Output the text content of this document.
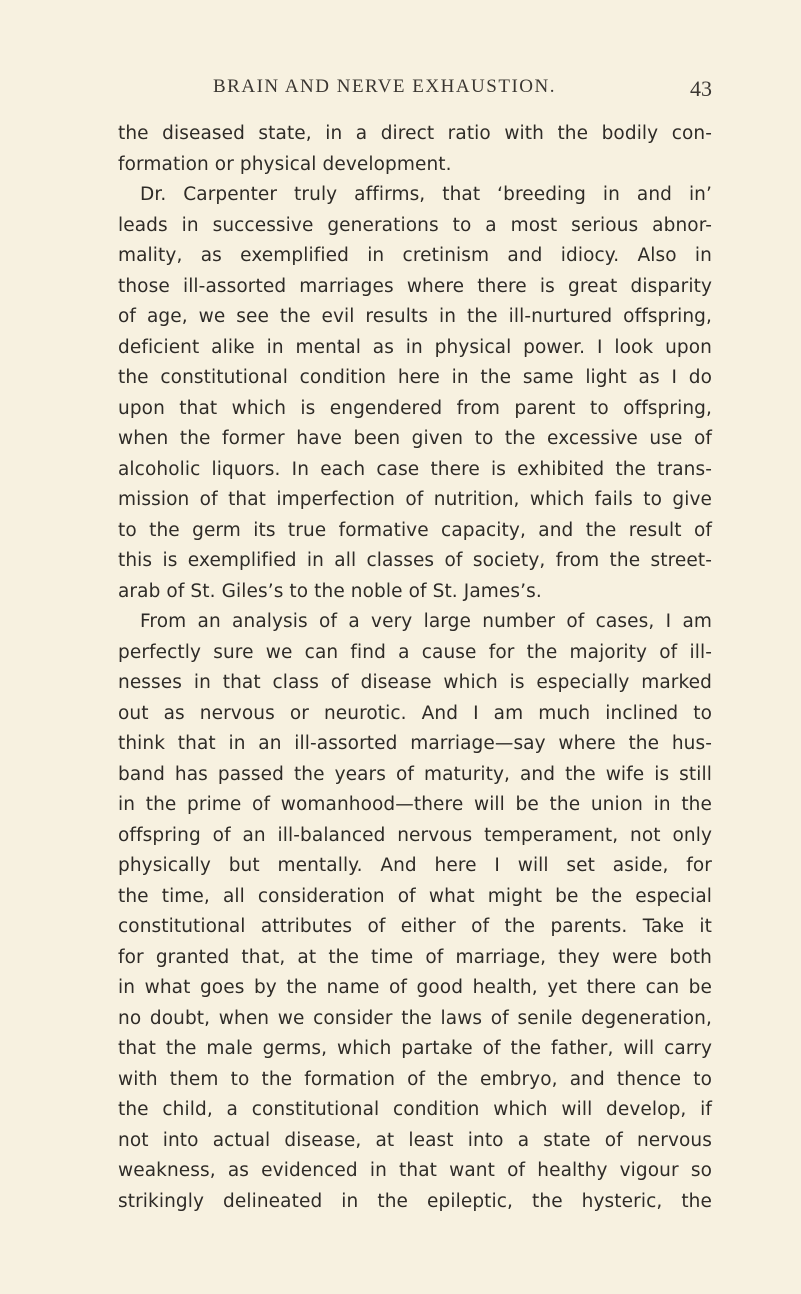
BRAIN AND NERVE EXHAUSTION.	43
the diseased state, in a direct ratio with the bodily con-
formation or physical development.
Dr. Carpenter truly affirms, that ‘breeding in and in’
leads in successive generations to a most serious abnor-
mality, as exemplified in cretinism and idiocy. Also in
those ill-assorted marriages where there is great disparity
of age, we see the evil results in the ill-nurtured offspring,
deficient alike in mental as in physical power. I look upon
the constitutional condition here in the same light as I do
upon that which is engendered from parent to offspring,
when the former have been given to the excessive use of
alcoholic liquors. In each case there is exhibited the trans-
mission of that imperfection of nutrition, which fails to give
to the germ its true formative capacity, and the result of
this is exemplified in all classes of society, from the street-
arab of St. Giles’s to the noble of St. James’s.
From an analysis of a very large number of cases, I am
perfectly sure we can find a cause for the majority of ill-
nesses in that class of disease which is especially marked
out as nervous or neurotic. And I am much inclined to
think that in an ill-assorted marriage—say where the hus-
band has passed the years of maturity, and the wife is still
in the prime of womanhood—there will be the union in the
offspring of an ill-balanced nervous temperament, not only
physically but mentally. And here I will set aside, for
the time, all consideration of what might be the especial
constitutional attributes of either of the parents. Take it
for granted that, at the time of marriage, they were both
in what goes by the name of good health, yet there can be
no doubt, when we consider the laws of senile degeneration,
that the male germs, which partake of the father, will carry
with them to the formation of the embryo, and thence to
the child, a constitutional condition which will develop, if
not into actual disease, at least into a state of nervous
weakness, as evidenced in that want of healthy vigour so
strikingly delineated in the epileptic, the hysteric, the
